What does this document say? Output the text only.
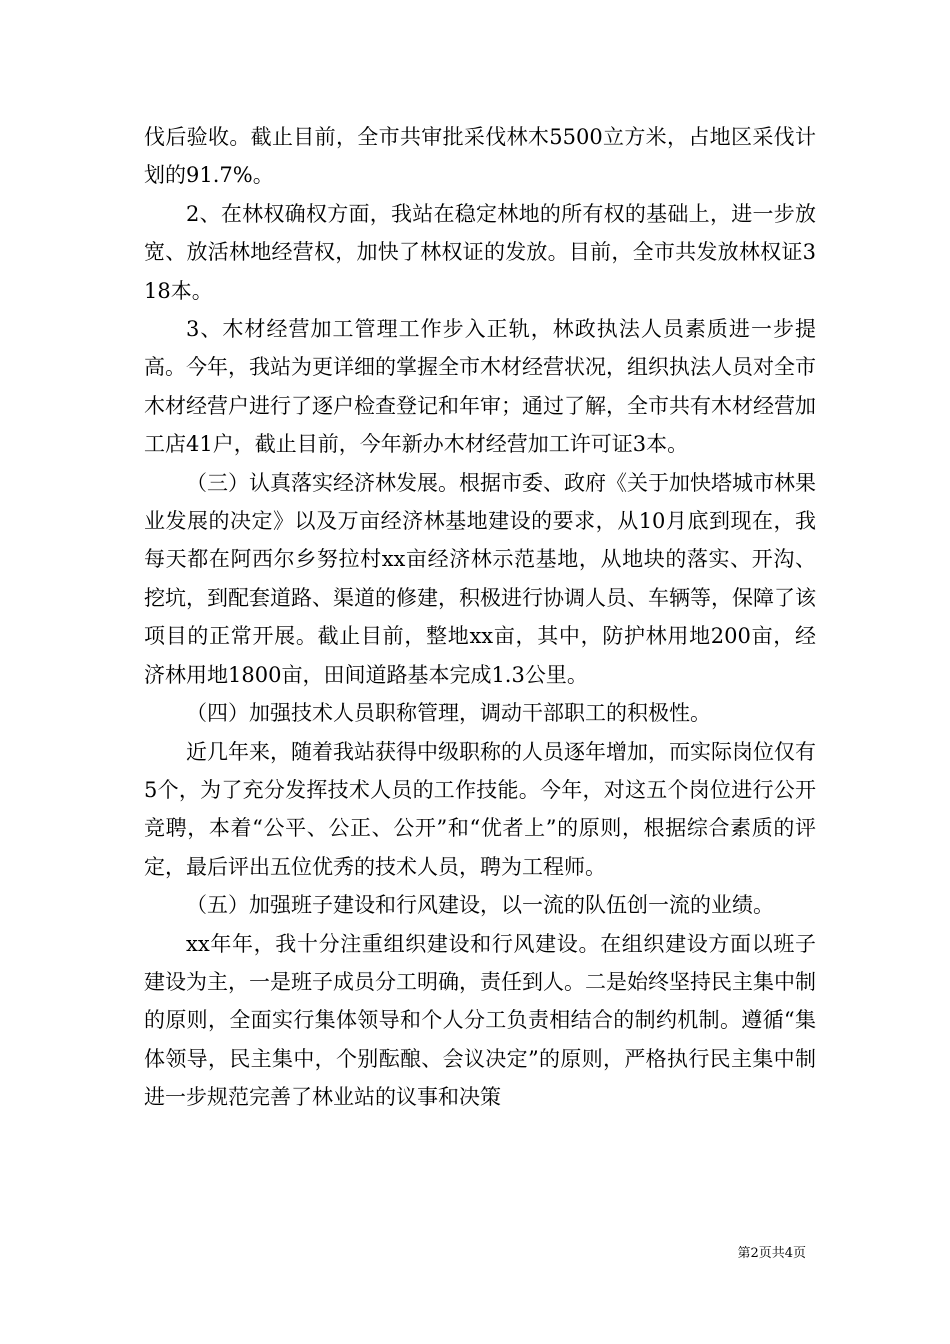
伐后验收。截止目前，全市共审批采伐林木5500立方米，占地区采伐计划的91.7%。

2、在林权确权方面，我站在稳定林地的所有权的基础上，进一步放宽、放活林地经营权，加快了林权证的发放。目前，全市共发放林权证318本。

3、木材经营加工管理工作步入正轨，林政执法人员素质进一步提高。今年，我站为更详细的掌握全市木材经营状况，组织执法人员对全市木材经营户进行了逐户检查登记和年审；通过了解，全市共有木材经营加工店41户，截止目前，今年新办木材经营加工许可证3本。

（三）认真落实经济林发展。根据市委、政府《关于加快塔城市林果业发展的决定》以及万亩经济林基地建设的要求，从10月底到现在，我每天都在阿西尔乡努拉村xx亩经济林示范基地，从地块的落实、开沟、挖坑，到配套道路、渠道的修建，积极进行协调人员、车辆等，保障了该项目的正常开展。截止目前，整地xx亩，其中，防护林用地200亩，经济林用地1800亩，田间道路基本完成1.3公里。

（四）加强技术人员职称管理，调动干部职工的积极性。

近几年来，随着我站获得中级职称的人员逐年增加，而实际岗位仅有5个，为了充分发挥技术人员的工作技能。今年，对这五个岗位进行公开竞聘，本着“公平、公正、公开”和“优者上”的原则，根据综合素质的评定，最后评出五位优秀的技术人员，聘为工程师。

（五）加强班子建设和行风建设，以一流的队伍创一流的业绩。

xx年年，我十分注重组织建设和行风建设。在组织建设方面以班子建设为主，一是班子成员分工明确，责任到人。二是始终坚持民主集中制的原则，全面实行集体领导和个人分工负责相结合的制约机制。遵循“集体领导，民主集中，个别酝酿、会议决定”的原则，严格执行民主集中制进一步规范完善了林业站的议事和决策

第2页共4页
